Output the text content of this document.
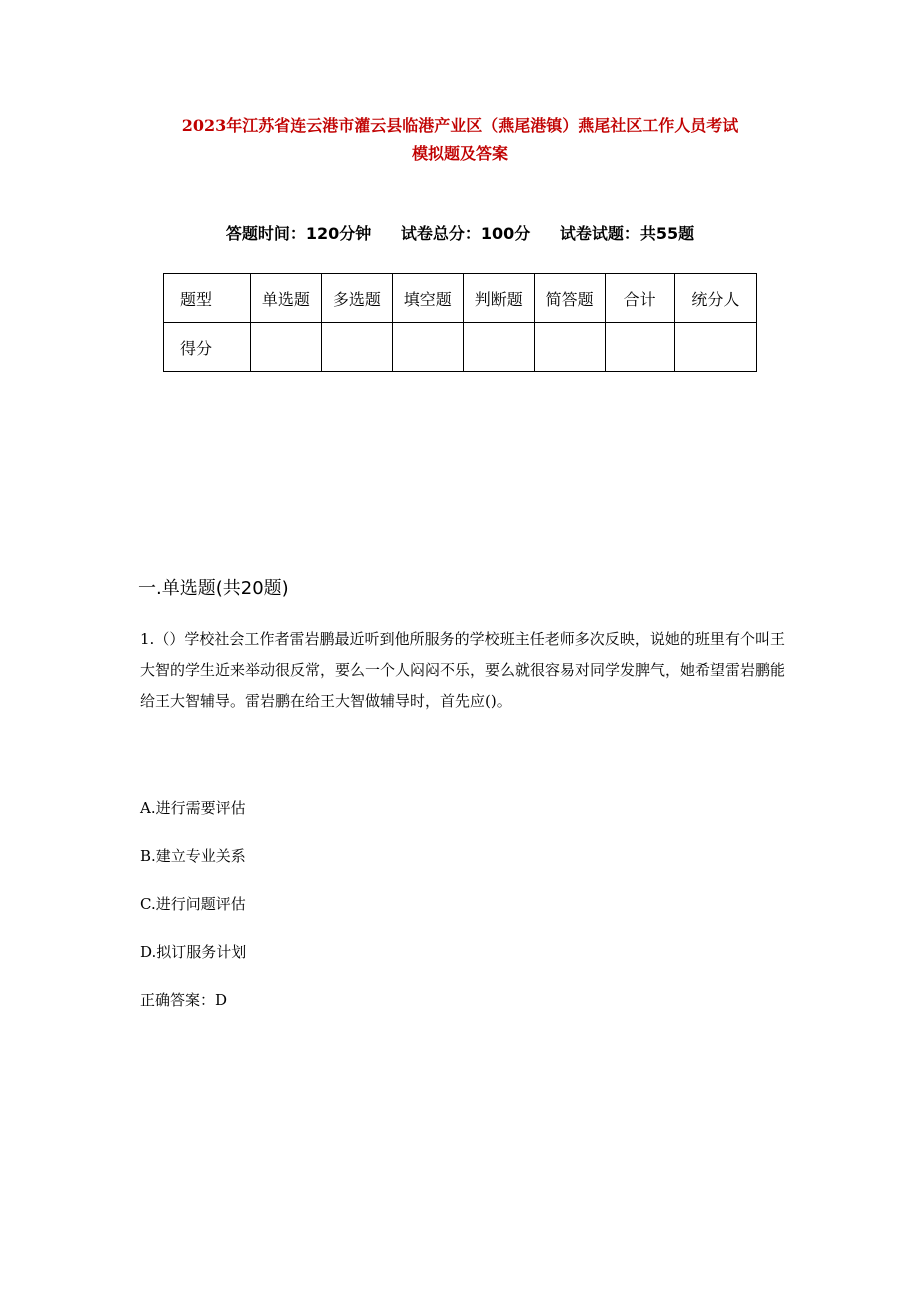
2023年江苏省连云港市灌云县临港产业区（燕尾港镇）燕尾社区工作人员考试
模拟题及答案
答题时间：120分钟 试卷总分：100分 试卷试题：共55题
题型	单选题	多选题	填空题	判断题	简答题	合计	统分人
得分							
一.单选题(共20题)
1.（）学校社会工作者雷岩鹏最近听到他所服务的学校班主任老师多次反映，说她的班里有个叫王大智的学生近来举动很反常，要么一个人闷闷不乐，要么就很容易对同学发脾气，她希望雷岩鹏能给王大智辅导。雷岩鹏在给王大智做辅导时，首先应()。
A.进行需要评估
B.建立专业关系
C.进行问题评估
D.拟订服务计划
正确答案：D
